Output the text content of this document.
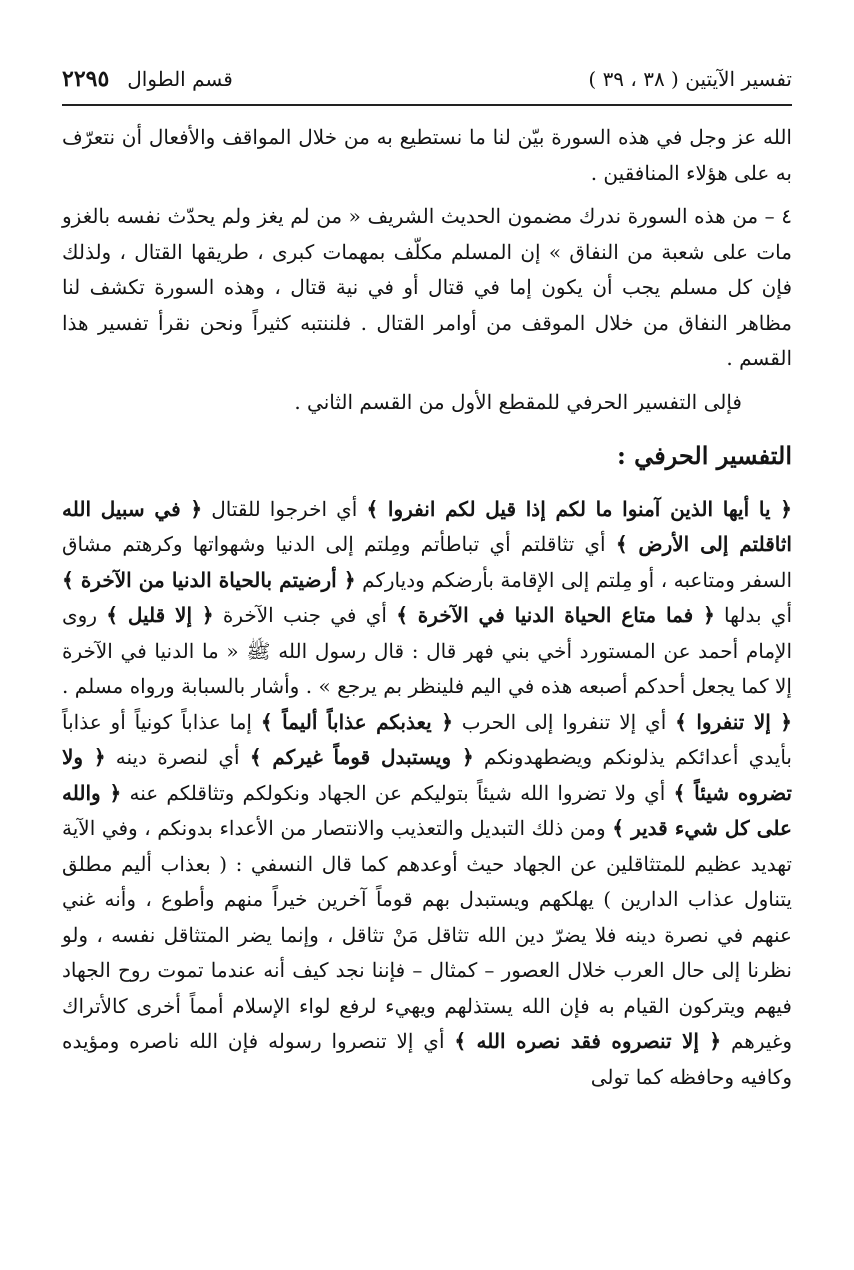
تفسير الآيتين ( ٣٨ ، ٣٩ )
قسم الطوال
٢٢٩٥

الله عز وجل في هذه السورة بيّن لنا ما نستطيع به من خلال المواقف والأفعال أن نتعرّف به على هؤلاء المنافقين .

٤ – من هذه السورة ندرك مضمون الحديث الشريف « من لم يغز ولم يحدّث نفسه بالغزو مات على شعبة من النفاق » إن المسلم مكلّف بمهمات كبرى ، طريقها القتال ، ولذلك فإن كل مسلم يجب أن يكون إما في قتال أو في نية قتال ، وهذه السورة تكشف لنا مظاهر النفاق من خلال الموقف من أوامر القتال . فلننتبه كثيراً ونحن نقرأ تفسير هذا القسم .

فإلى التفسير الحرفي للمقطع الأول من القسم الثاني .

التفسير الحرفي :

﴿ يا أيها الذين آمنوا ما لكم إذا قيل لكم انفروا ﴾ أي اخرجوا للقتال ﴿ في سبيل الله اثاقلتم إلى الأرض ﴾ أي تثاقلتم أي تباطأتم ومِلتم إلى الدنيا وشهواتها وكرهتم مشاق السفر ومتاعبه ، أو مِلتم إلى الإقامة بأرضكم ودياركم ﴿ أرضيتم بالحياة الدنيا من الآخرة ﴾ أي بدلها ﴿ فما متاع الحياة الدنيا في الآخرة ﴾ أي في جنب الآخرة ﴿ إلا قليل ﴾ روى الإمام أحمد عن المستورد أخي بني فهر قال : قال رسول الله ﷺ « ما الدنيا في الآخرة إلا كما يجعل أحدكم أصبعه هذه في اليم فلينظر بم يرجع » . وأشار بالسبابة ورواه مسلم . ﴿ إلا تنفروا ﴾ أي إلا تنفروا إلى الحرب ﴿ يعذبكم عذاباً أليماً ﴾ إما عذاباً كونياً أو عذاباً بأيدي أعدائكم يذلونكم ويضطهدونكم ﴿ ويستبدل قوماً غيركم ﴾ أي لنصرة دينه ﴿ ولا تضروه شيئاً ﴾ أي ولا تضروا الله شيئاً بتوليكم عن الجهاد ونكولكم وتثاقلكم عنه ﴿ والله على كل شيء قدير ﴾ ومن ذلك التبديل والتعذيب والانتصار من الأعداء بدونكم ، وفي الآية تهديد عظيم للمتثاقلين عن الجهاد حيث أوعدهم كما قال النسفي : ( بعذاب أليم مطلق يتناول عذاب الدارين ) يهلكهم ويستبدل بهم قوماً آخرين خيراً منهم وأطوع ، وأنه غني عنهم في نصرة دينه فلا يضرّ دين الله تثاقل مَنْ تثاقل ، وإنما يضر المتثاقل نفسه ، ولو نظرنا إلى حال العرب خلال العصور – كمثال – فإننا نجد كيف أنه عندما تموت روح الجهاد فيهم ويتركون القيام به فإن الله يستذلهم ويهيء لرفع لواء الإسلام أمماً أخرى كالأتراك وغيرهم ﴿ إلا تنصروه فقد نصره الله ﴾ أي إلا تنصروا رسوله فإن الله ناصره ومؤيده وكافيه وحافظه كما تولى
